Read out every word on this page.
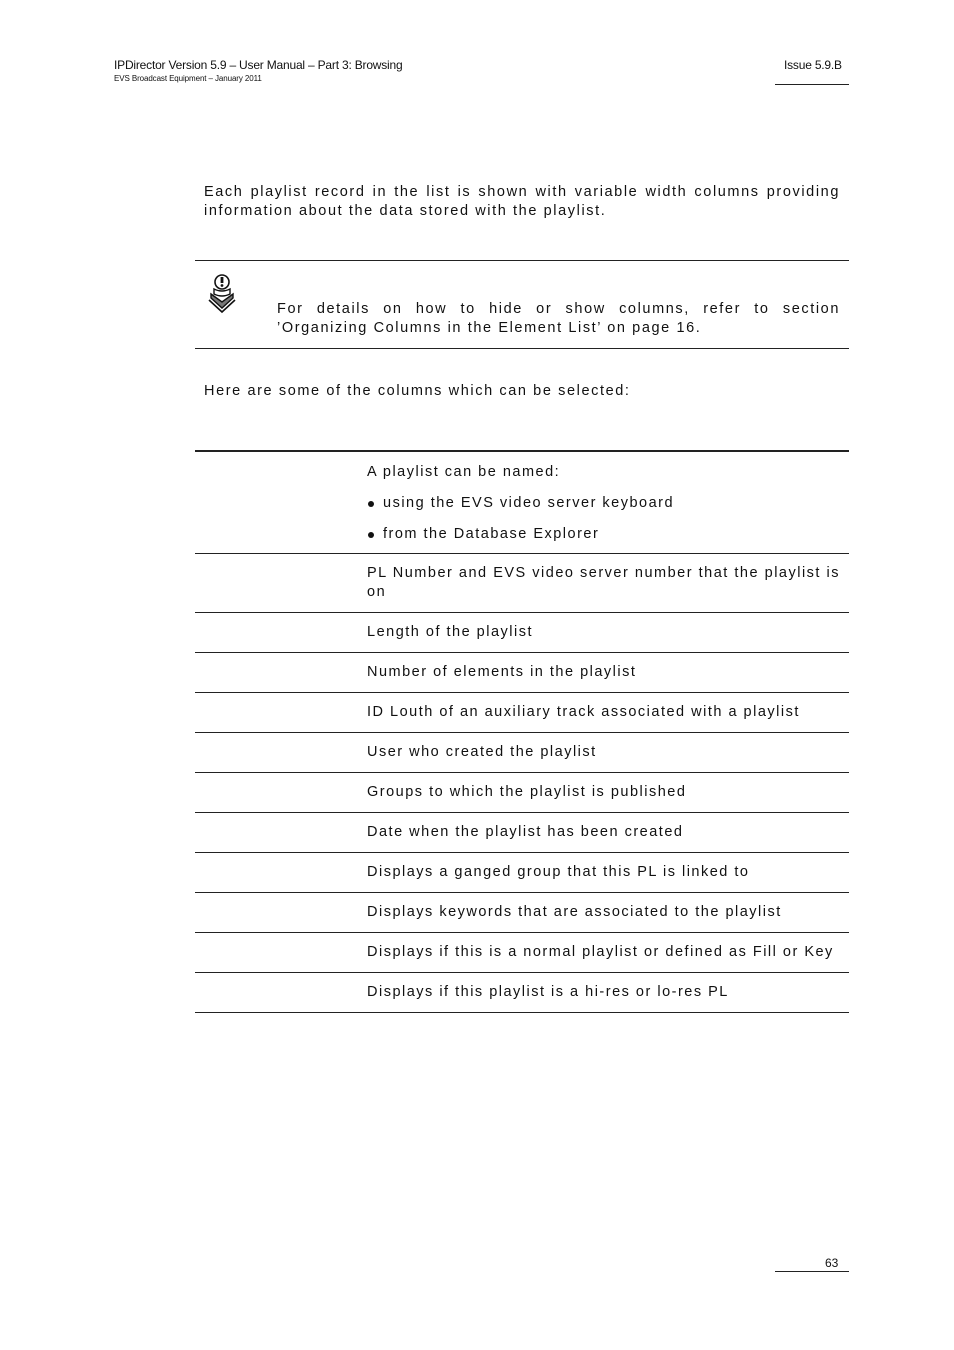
IPDirector Version 5.9 – User Manual – Part 3: Browsing
EVS Broadcast Equipment – January 2011
Issue 5.9.B
Each playlist record in the list is shown with variable width columns providing information about the data stored with the playlist.
For details on how to hide or show columns, refer to section ’Organizing Columns in the Element List’ on page 16.
Here are some of the columns which can be selected:
A playlist can be named:
using the EVS video server keyboard
from the Database Explorer
PL Number and EVS video server number that the playlist is on
Length of the playlist
Number of elements in the playlist
ID Louth of an auxiliary track associated with a playlist
User who created the playlist
Groups to which the playlist is published
Date when the playlist has been created
Displays a ganged group that this PL is linked to
Displays keywords that are associated to the playlist
Displays if this is a normal playlist or defined as Fill or Key
Displays if this playlist is a hi-res or lo-res PL
63
